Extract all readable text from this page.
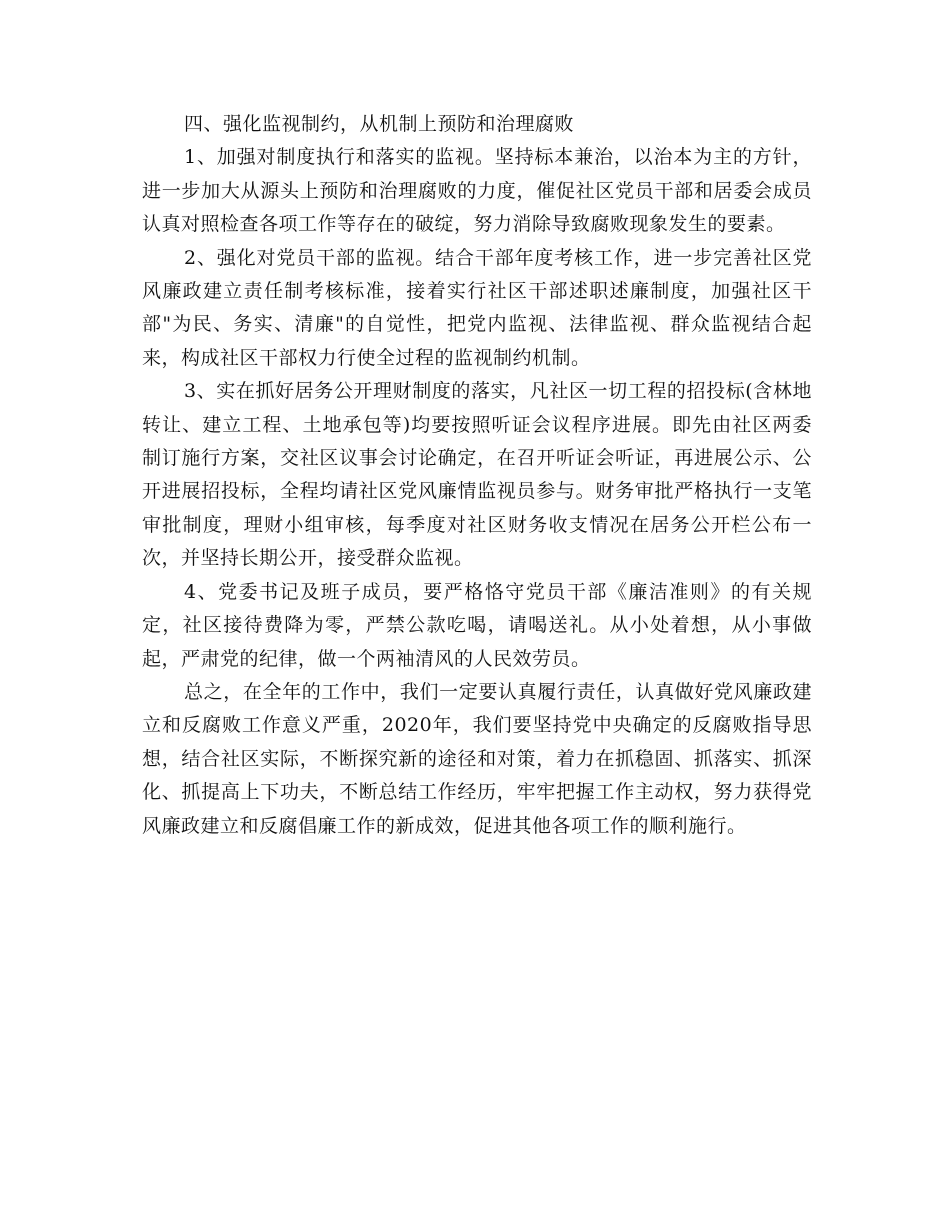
四、强化监视制约，从机制上预防和治理腐败

1、加强对制度执行和落实的监视。坚持标本兼治，以治本为主的方针，进一步加大从源头上预防和治理腐败的力度，催促社区党员干部和居委会成员认真对照检查各项工作等存在的破绽，努力消除导致腐败现象发生的要素。

2、强化对党员干部的监视。结合干部年度考核工作，进一步完善社区党风廉政建立责任制考核标准，接着实行社区干部述职述廉制度，加强社区干部"为民、务实、清廉"的自觉性，把党内监视、法律监视、群众监视结合起来，构成社区干部权力行使全过程的监视制约机制。

3、实在抓好居务公开理财制度的落实，凡社区一切工程的招投标(含林地转让、建立工程、土地承包等)均要按照听证会议程序进展。即先由社区两委制订施行方案，交社区议事会讨论确定，在召开听证会听证，再进展公示、公开进展招投标，全程均请社区党风廉情监视员参与。财务审批严格执行一支笔审批制度，理财小组审核，每季度对社区财务收支情况在居务公开栏公布一次，并坚持长期公开，接受群众监视。

4、党委书记及班子成员，要严格恪守党员干部《廉洁准则》的有关规定，社区接待费降为零，严禁公款吃喝，请喝送礼。从小处着想，从小事做起，严肃党的纪律，做一个两袖清风的人民效劳员。

总之，在全年的工作中，我们一定要认真履行责任，认真做好党风廉政建立和反腐败工作意义严重，2020年，我们要坚持党中央确定的反腐败指导思想，结合社区实际，不断探究新的途径和对策，着力在抓稳固、抓落实、抓深化、抓提高上下功夫，不断总结工作经历，牢牢把握工作主动权，努力获得党风廉政建立和反腐倡廉工作的新成效，促进其他各项工作的顺利施行。
